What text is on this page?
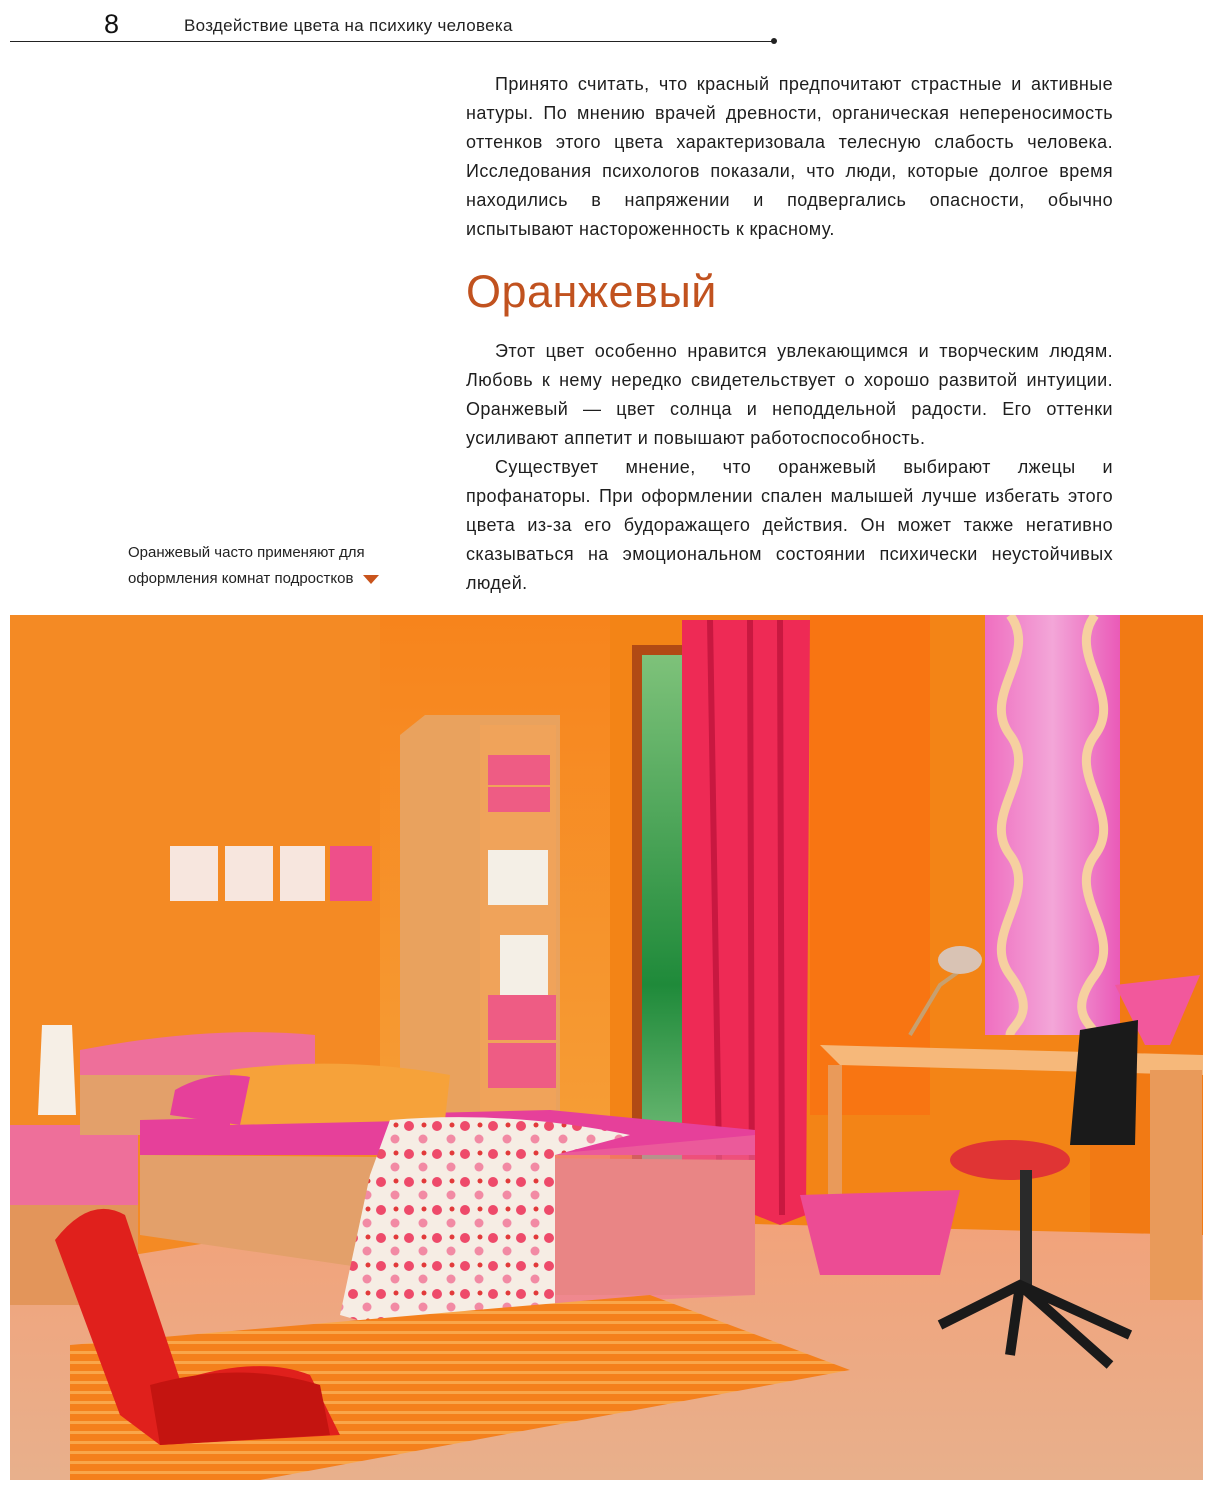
8	Воздействие цвета на психику человека

Принято считать, что красный предпочитают страстные и активные натуры. По мнению врачей древности, органическая непереносимость оттенков этого цвета характеризовала телесную слабость человека. Исследования психологов показали, что люди, которые долгое время находились в напряжении и подвергались опасности, обычно испытывают настороженность к красному.

Оранжевый

Этот цвет особенно нравится увлекающимся и творческим людям. Любовь к нему нередко свидетельствует о хорошо развитой интуиции. Оранжевый — цвет солнца и неподдельной радости. Его оттенки усиливают аппетит и повышают работоспособность.

Существует мнение, что оранжевый выбирают лжецы и профанаторы. При оформлении спален малышей лучше избегать этого цвета из-за его будоражащего действия. Он может также негативно сказываться на эмоциональном состоянии психически неустойчивых людей.

Оранжевый часто применяют для
оформления комнат подростков
